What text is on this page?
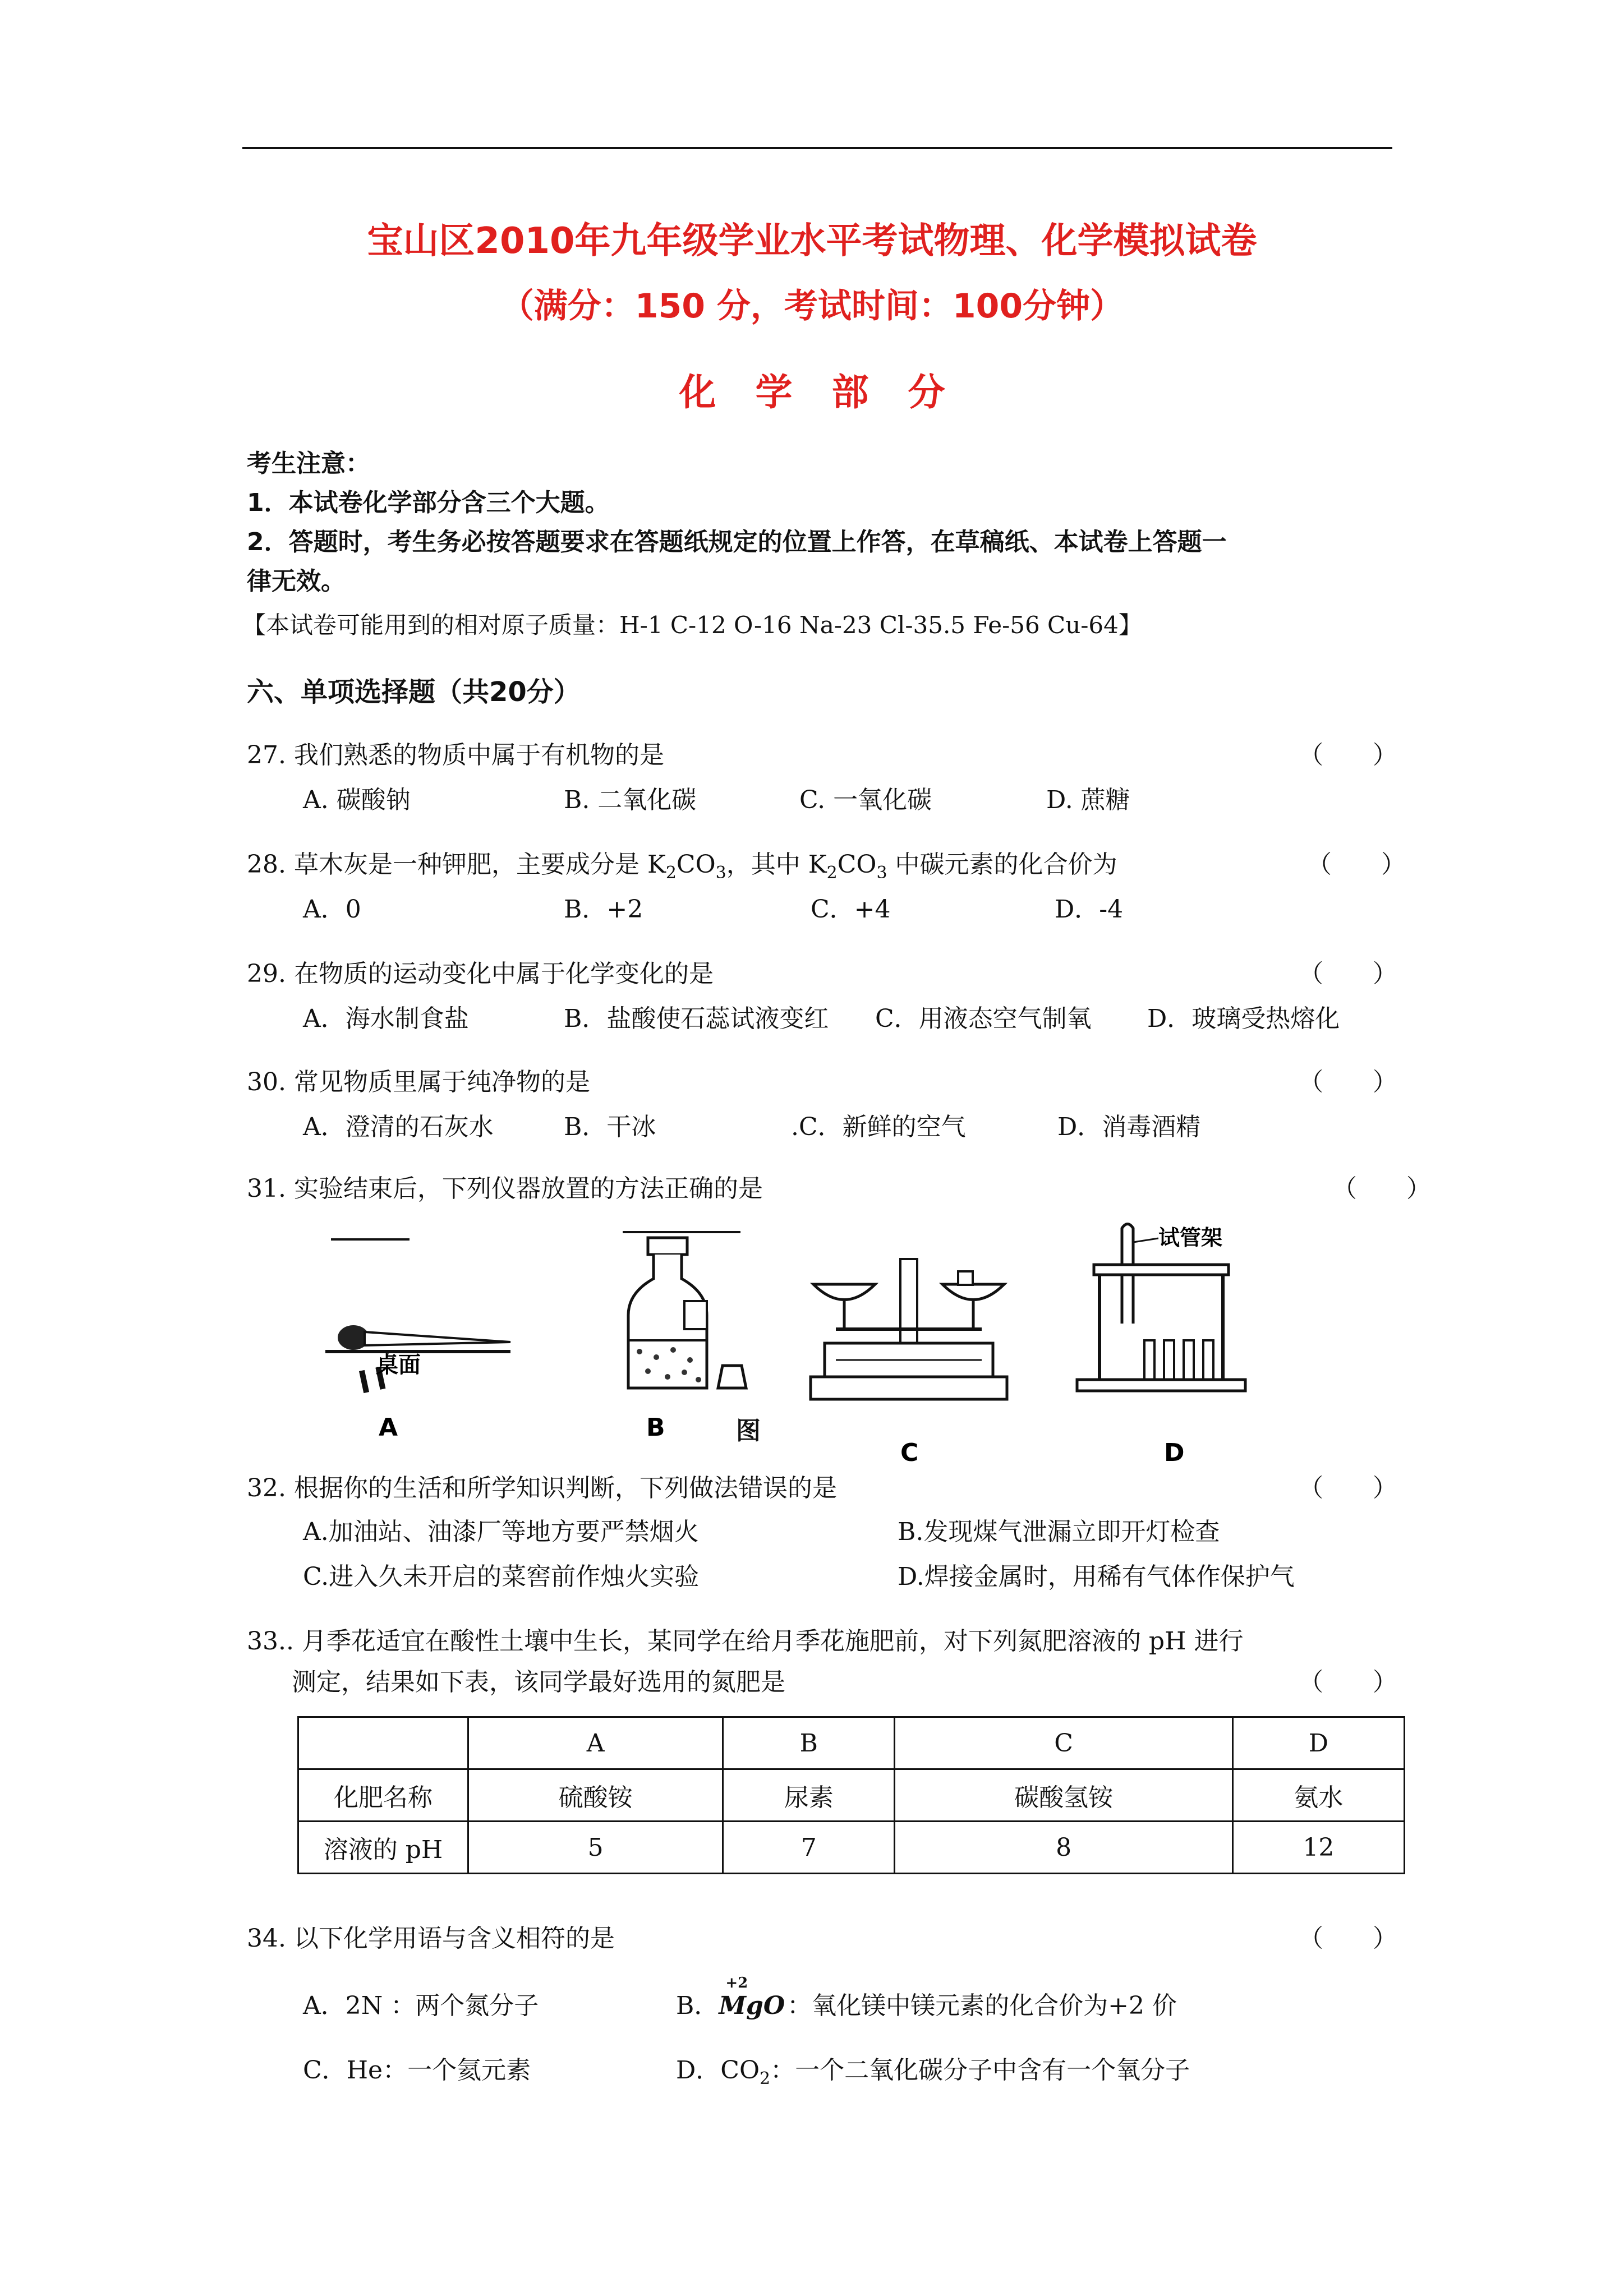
宝山区2010年九年级学业水平考试物理、化学模拟试卷
（满分：150 分，考试时间：100分钟）
化学部分
考生注意：
1．本试卷化学部分含三个大题。
2．答题时，考生务必按答题要求在答题纸规定的位置上作答，在草稿纸、本试卷上答题一
律无效。
【本试卷可能用到的相对原子质量：H-1 C-12 O-16 Na-23 Cl-35.5 Fe-56 Cu-64】
六、单项选择题（共20分）
27. 我们熟悉的物质中属于有机物的是	（　　）
A. 碳酸钠	B. 二氧化碳	C. 一氧化碳	D. 蔗糖
28. 草木灰是一种钾肥，主要成分是 $K_2CO_3$，其中 $K_2CO_3$ 中碳元素的化合价为	（　　）
A．0	B．+2	C．+4	D．-4
29. 在物质的运动变化中属于化学变化的是	（　　）
A．海水制食盐	B．盐酸使石蕊试液变红 C．用液态空气制氧 D．玻璃受热熔化
30. 常见物质里属于纯净物的是	（　　）
A．澄清的石灰水	B．干冰	.C．新鲜的空气	D．消毒酒精
31. 实验结束后，下列仪器放置的方法正确的是	（　　）
桌面
A	B
C
图
试管架
D
32. 根据你的生活和所学知识判断，下列做法错误的是	（　　）
A.加油站、油漆厂等地方要严禁烟火	B.发现煤气泄漏立即开灯检查
C.进入久未开启的菜窖前作烛火实验	D.焊接金属时，用稀有气体作保护气
33.. 月季花适宜在酸性土壤中生长，某同学在给月季花施肥前，对下列氮肥溶液的 pH 进行
测定，结果如下表，该同学最好选用的氮肥是	（　　）
	A	B	C	D
化肥名称	硫酸铵	尿素	碳酸氢铵	氨水
溶液的 pH	5	7	8	12
34. 以下化学用语与含义相符的是	（　　）
A．2N ：两个氮分子	B．
+2
MgO：氧化镁中镁元素的化合价为+2 价
C．He：一个氦元素	D．$CO_2$：一个二氧化碳分子中含有一个氧分子
